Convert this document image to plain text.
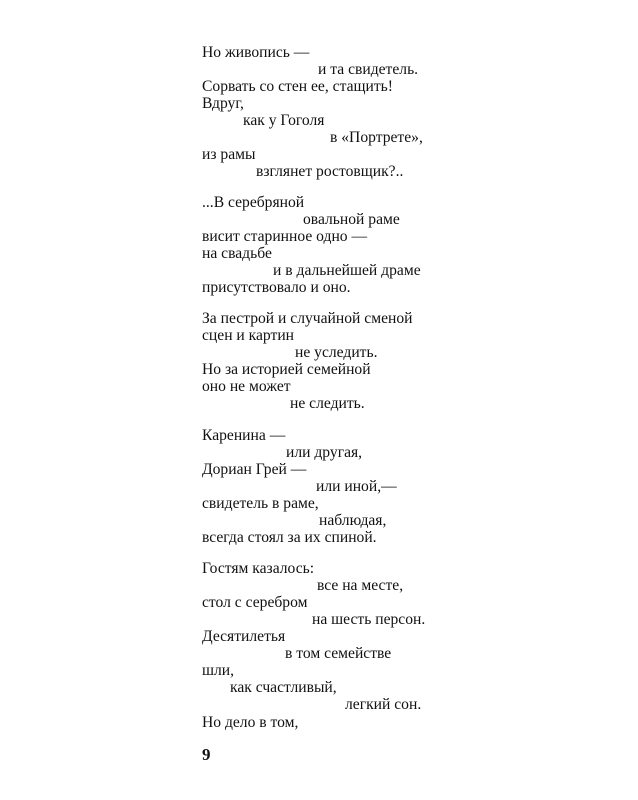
Но живопись —
и та свидетель.
Сорвать со стен ее, стащить!
Вдруг,
как у Гоголя
в «Портрете»,
из рамы
взглянет ростовщик?..
...В серебряной
овальной раме
висит старинное одно —
на свадьбе
и в дальнейшей драме
присутствовало и оно.
За пестрой и случайной сменой
сцен и картин
не уследить.
Но за историей семейной
оно не может
не следить.
Каренина —
или другая,
Дориан Грей —
или иной,—
свидетель в раме,
наблюдая,
всегда стоял за их спиной.
Гостям казалось:
все на месте,
стол с серебром
на шесть персон.
Десятилетья
в том семействе
шли,
как счастливый,
легкий сон.
Но дело в том,
9
